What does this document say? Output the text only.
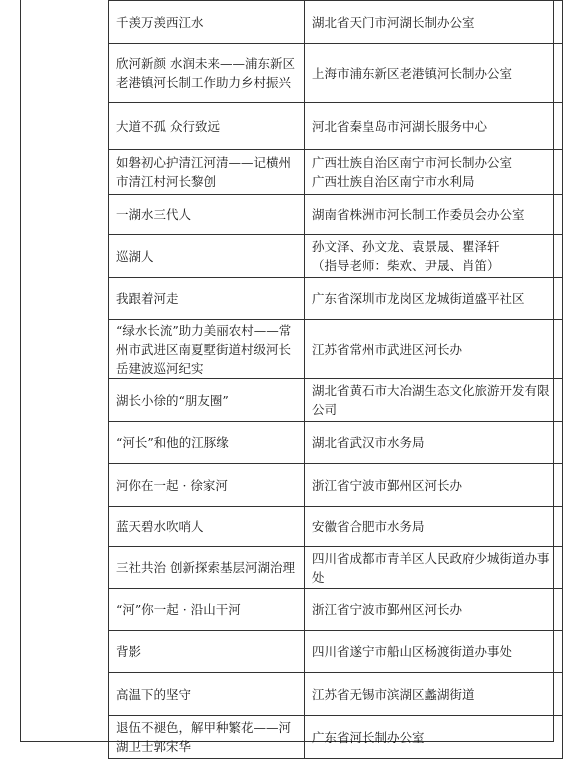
千羡万羡西江水	湖北省天门市河湖长制办公室
欣河新颜 水润未来——浦东新区老港镇河长制工作助力乡村振兴	上海市浦东新区老港镇河长制办公室
大道不孤 众行致远	河北省秦皇岛市河湖长服务中心
如磐初心护清江河清——记横州市清江村河长黎创	广西壮族自治区南宁市河长制办公室
广西壮族自治区南宁市水利局
一湖水三代人	湖南省株洲市河长制工作委员会办公室
巡湖人	孙文泽、孙文龙、袁景晟、瞿泽轩
（指导老师：柴欢、尹晟、肖笛）
我跟着河走	广东省深圳市龙岗区龙城街道盛平社区
“绿水长流”助力美丽农村——常州市武进区南夏墅街道村级河长岳建波巡河纪实	江苏省常州市武进区河长办
湖长小徐的“朋友圈”	湖北省黄石市大冶湖生态文化旅游开发有限公司
“河长”和他的江豚缘	湖北省武汉市水务局
河你在一起 · 徐家河	浙江省宁波市鄞州区河长办
蓝天碧水吹哨人	安徽省合肥市水务局
三社共治 创新探索基层河湖治理	四川省成都市青羊区人民政府少城街道办事处
“河”你一起 · 沿山干河	浙江省宁波市鄞州区河长办
背影	四川省遂宁市船山区杨渡街道办事处
高温下的坚守	江苏省无锡市滨湖区蠡湖街道
退伍不褪色，解甲种繁花——河湖卫士郭宋华	广东省河长制办公室
